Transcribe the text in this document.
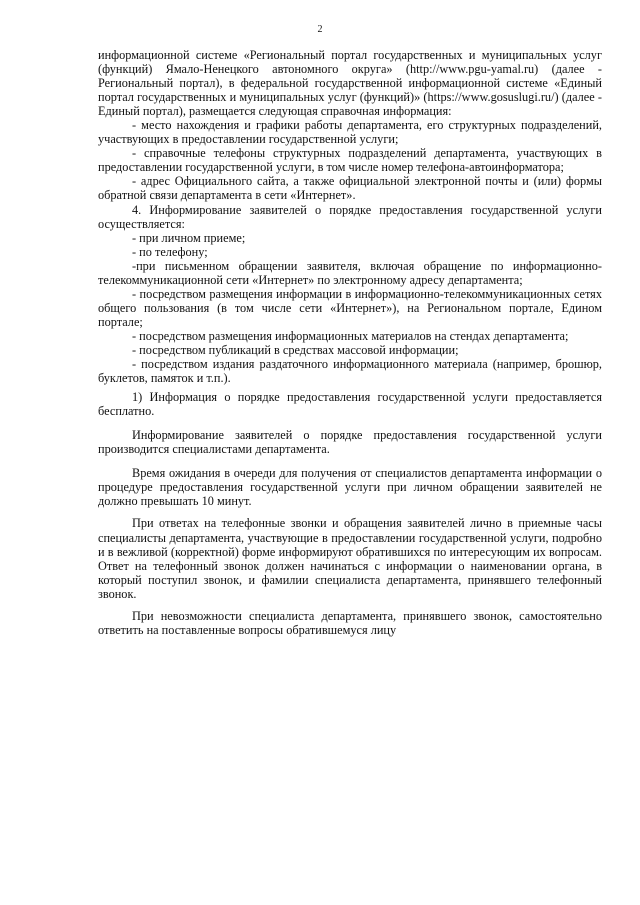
2

информационной системе «Региональный портал государственных и муниципальных услуг (функций) Ямало-Ненецкого автономного округа» (http://www.pgu-yamal.ru) (далее - Региональный портал), в федеральной государственной информационной системе «Единый портал государственных и муниципальных услуг (функций)» (https://www.gosuslugi.ru/) (далее - Единый портал), размещается следующая справочная информация:

- место нахождения и графики работы департамента, его структурных подразделений, участвующих в предоставлении государственной услуги;

- справочные телефоны структурных подразделений департамента, участвующих в предоставлении государственной услуги, в том числе номер телефона-автоинформатора;

- адрес Официального сайта, а также официальной электронной почты и (или) формы обратной связи департамента в сети «Интернет».

4. Информирование заявителей о порядке предоставления государственной услуги осуществляется:

- при личном приеме;

- по телефону;

-при письменном обращении заявителя, включая обращение по информационно-телекоммуникационной сети «Интернет» по электронному адресу департамента;

- посредством размещения информации в информационно-телекоммуникационных сетях общего пользования (в том числе сети «Интернет»), на Региональном портале, Едином портале;

- посредством размещения информационных материалов на стендах департамента;

- посредством публикаций в средствах массовой информации;

- посредством издания раздаточного информационного материала (например, брошюр, буклетов, памяток и т.п.).

1) Информация о порядке предоставления государственной услуги предоставляется бесплатно.

Информирование заявителей о порядке предоставления государственной услуги производится специалистами департамента.

Время ожидания в очереди для получения от специалистов департамента информации о процедуре предоставления государственной услуги при личном обращении заявителей не должно превышать 10 минут.

При ответах на телефонные звонки и обращения заявителей лично в приемные часы специалисты департамента, участвующие в предоставлении государственной услуги, подробно и в вежливой (корректной) форме информируют обратившихся по интересующим их вопросам. Ответ на телефонный звонок должен начинаться с информации о наименовании органа, в который поступил звонок, и фамилии специалиста департамента, принявшего телефонный звонок.

При невозможности специалиста департамента, принявшего звонок, самостоятельно ответить на поставленные вопросы обратившемуся лицу
